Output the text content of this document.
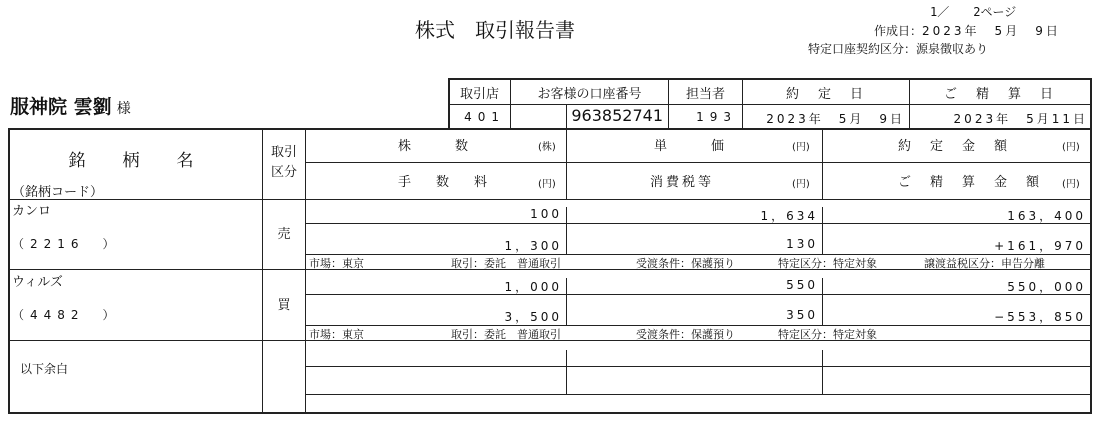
株式　取引報告書
1／　　2ページ
作成日：2023年　5月　9日
特定口座契約区分：源泉徴収あり
服神院 雲劉 様
取引店	お客様の口座番号	担当者	約　定　日	ご　精　算　日
401	963852741	193	2023年　5月　9日	2023年　5月11日
銘　柄　名
（銘柄コード）
取引
区分
株　　数	(株)	単　　価	(円)	約　定　金　額	(円)
手　数　料	(円)	消費税等	(円)	ご　精　算　金　額 (円)
カンロ
（2216　）
売
100	1，634	163，400
1，300	130	+161，970
市場：東京	取引：委託　普通取引	受渡条件：保護預り	特定区分：特定対象	譲渡益税区分：申告分離
ウィルズ
（4482　）
買
1，000	550	550，000
3，500	350	−553，850
市場：東京	取引：委託　普通取引	受渡条件：保護預り	特定区分：特定対象
以下余白
